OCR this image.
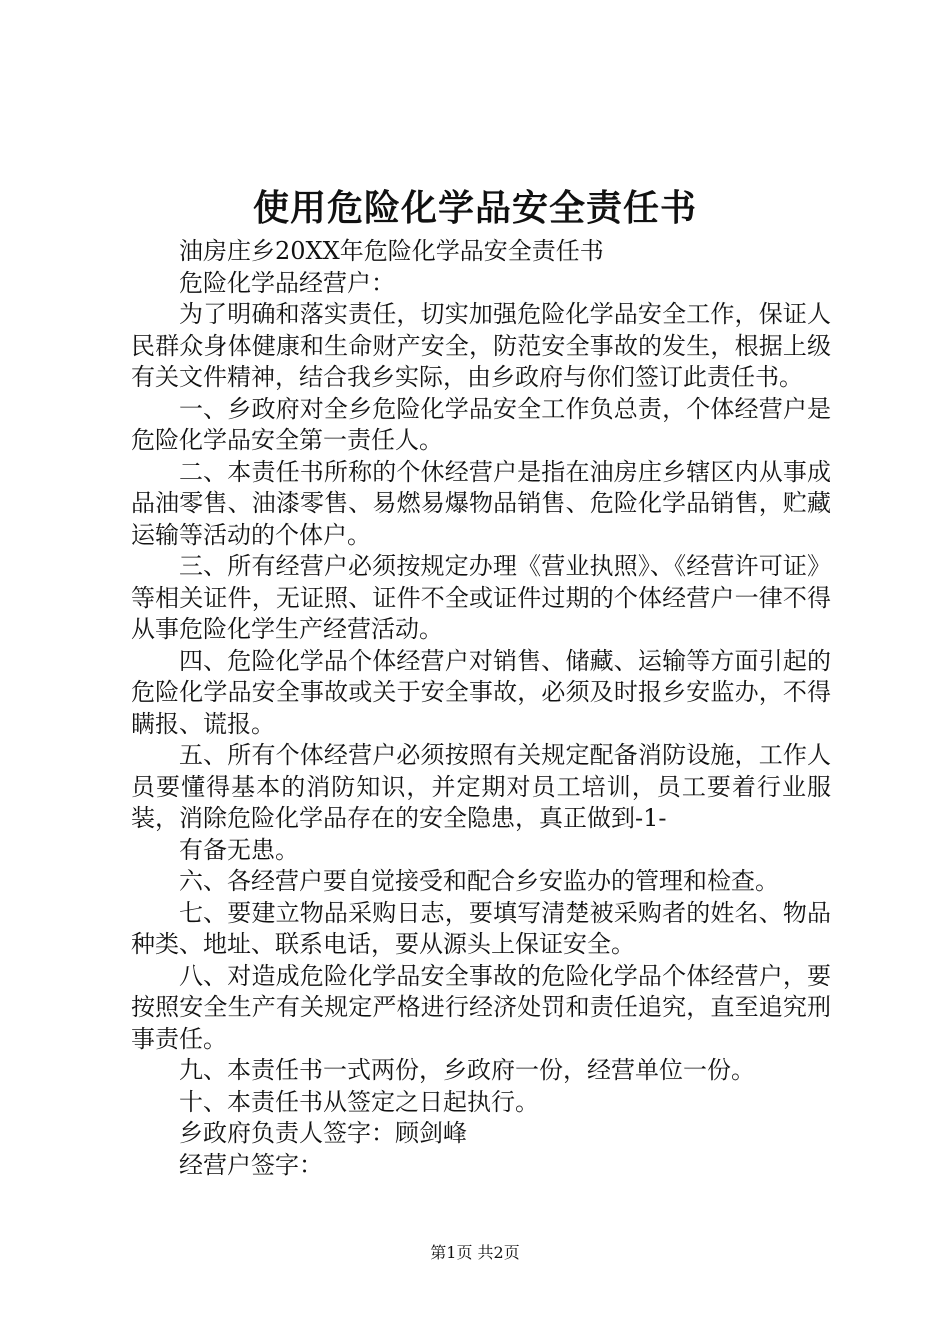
使用危险化学品安全责任书

油房庄乡20XX年危险化学品安全责任书

危险化学品经营户：

为了明确和落实责任，切实加强危险化学品安全工作，保证人民群众身体健康和生命财产安全，防范安全事故的发生，根据上级有关文件精神，结合我乡实际，由乡政府与你们签订此责任书。

一、乡政府对全乡危险化学品安全工作负总责，个体经营户是危险化学品安全第一责任人。

二、本责任书所称的个休经营户是指在油房庄乡辖区内从事成品油零售、油漆零售、易燃易爆物品销售、危险化学品销售，贮藏运输等活动的个体户。

三、所有经营户必须按规定办理《营业执照》、《经营许可证》等相关证件，无证照、证件不全或证件过期的个体经营户一律不得从事危险化学生产经营活动。

四、危险化学品个体经营户对销售、储藏、运输等方面引起的危险化学品安全事故或关于安全事故，必须及时报乡安监办，不得瞒报、谎报。

五、所有个体经营户必须按照有关规定配备消防设施，工作人员要懂得基本的消防知识，并定期对员工培训，员工要着行业服装，消除危险化学品存在的安全隐患，真正做到-1-

有备无患。

六、各经营户要自觉接受和配合乡安监办的管理和检查。

七、要建立物品采购日志，要填写清楚被采购者的姓名、物品种类、地址、联系电话，要从源头上保证安全。

八、对造成危险化学品安全事故的危险化学品个体经营户，要按照安全生产有关规定严格进行经济处罚和责任追究，直至追究刑事责任。

九、本责任书一式两份，乡政府一份，经营单位一份。

十、本责任书从签定之日起执行。

乡政府负责人签字：顾剑峰

经营户签字：

第1页 共2页
